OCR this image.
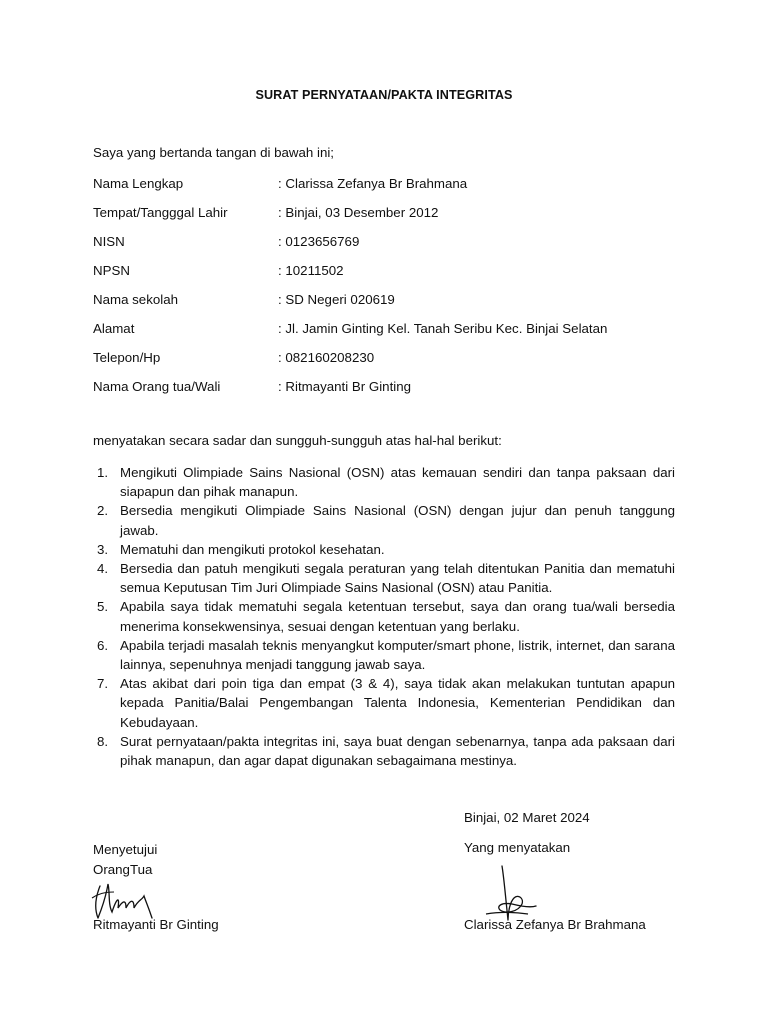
SURAT PERNYATAAN/PAKTA INTEGRITAS
Saya yang bertanda tangan di bawah ini;
Nama Lengkap	: Clarissa Zefanya Br Brahmana
Tempat/Tangggal Lahir	: Binjai, 03 Desember 2012
NISN	: 0123656769
NPSN	: 10211502
Nama sekolah	: SD Negeri 020619
Alamat	: Jl. Jamin Ginting Kel. Tanah Seribu Kec. Binjai Selatan
Telepon/Hp	: 082160208230
Nama Orang tua/Wali	: Ritmayanti Br Ginting
menyatakan secara sadar dan sungguh-sungguh atas hal-hal berikut:
1. Mengikuti Olimpiade Sains Nasional (OSN) atas kemauan sendiri dan tanpa paksaan dari siapapun dan pihak manapun.
2. Bersedia mengikuti Olimpiade Sains Nasional (OSN) dengan jujur dan penuh tanggung jawab.
3. Mematuhi dan mengikuti protokol kesehatan.
4. Bersedia dan patuh mengikuti segala peraturan yang telah ditentukan Panitia dan mematuhi semua Keputusan Tim Juri Olimpiade Sains Nasional (OSN) atau Panitia.
5. Apabila saya tidak mematuhi segala ketentuan tersebut, saya dan orang tua/wali bersedia menerima konsekwensinya, sesuai dengan ketentuan yang berlaku.
6. Apabila terjadi masalah teknis menyangkut komputer/smart phone, listrik, internet, dan sarana lainnya, sepenuhnya menjadi tanggung jawab saya.
7. Atas akibat dari poin tiga dan empat (3 & 4), saya tidak akan melakukan tuntutan apapun kepada Panitia/Balai Pengembangan Talenta Indonesia, Kementerian Pendidikan dan Kebudayaan.
8. Surat pernyataan/pakta integritas ini, saya buat dengan sebenarnya, tanpa ada paksaan dari pihak manapun, dan agar dapat digunakan sebagaimana mestinya.
Binjai, 02 Maret 2024
Menyetujui
OrangTua
Yang menyatakan
Ritmayanti Br Ginting	Clarissa Zefanya Br Brahmana
